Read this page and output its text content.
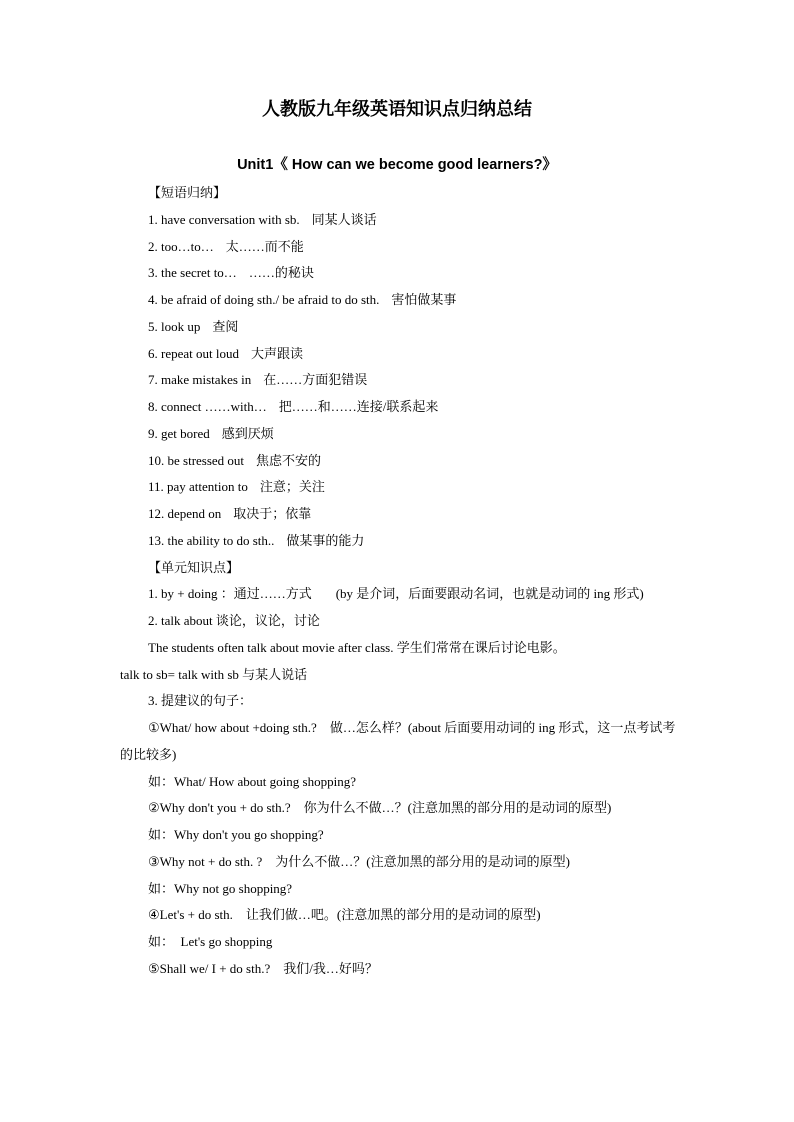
人教版九年级英语知识点归纳总结
Unit1《 How can we become good learners?》

【短语归纳】

1. have conversation with sb. 同某人谈话

2. too…to… 太……而不能

3. the secret to… ……的秘诀

4. be afraid of doing sth./ be afraid to do sth. 害怕做某事

5. look up 查阅

6. repeat out loud 大声跟读

7. make mistakes in 在……方面犯错误

8. connect ……with… 把……和……连接/联系起来

9. get bored 感到厌烦

10. be stressed out 焦虑不安的

11. pay attention to 注意；关注

12. depend on 取决于；依靠

13. the ability to do sth.. 做某事的能力

【单元知识点】

1. by + doing ：通过……方式 (by 是介词，后面要跟动名词，也就是动词的 ing 形式)

2. talk about 谈论，议论，讨论

The students often talk about movie after class. 学生们常常在课后讨论电影。

talk to sb= talk with sb 与某人说话

3. 提建议的句子：

①What/ how about +doing sth.?　做…怎么样？(about 后面要用动词的 ing 形式，这一点考试考的比较多)

如：What/ How about going shopping?

②Why don't you + do sth.?　你为什么不做…？(注意加黑的部分用的是动词的原型)

如：Why don't you go shopping?

③Why not + do sth. ?　为什么不做…？(注意加黑的部分用的是动词的原型)

如：Why not go shopping?

④Let's + do sth.　让我们做…吧。(注意加黑的部分用的是动词的原型)

如：　Let's go shopping

⑤Shall we/ I + do sth.?　我们/我…好吗？
